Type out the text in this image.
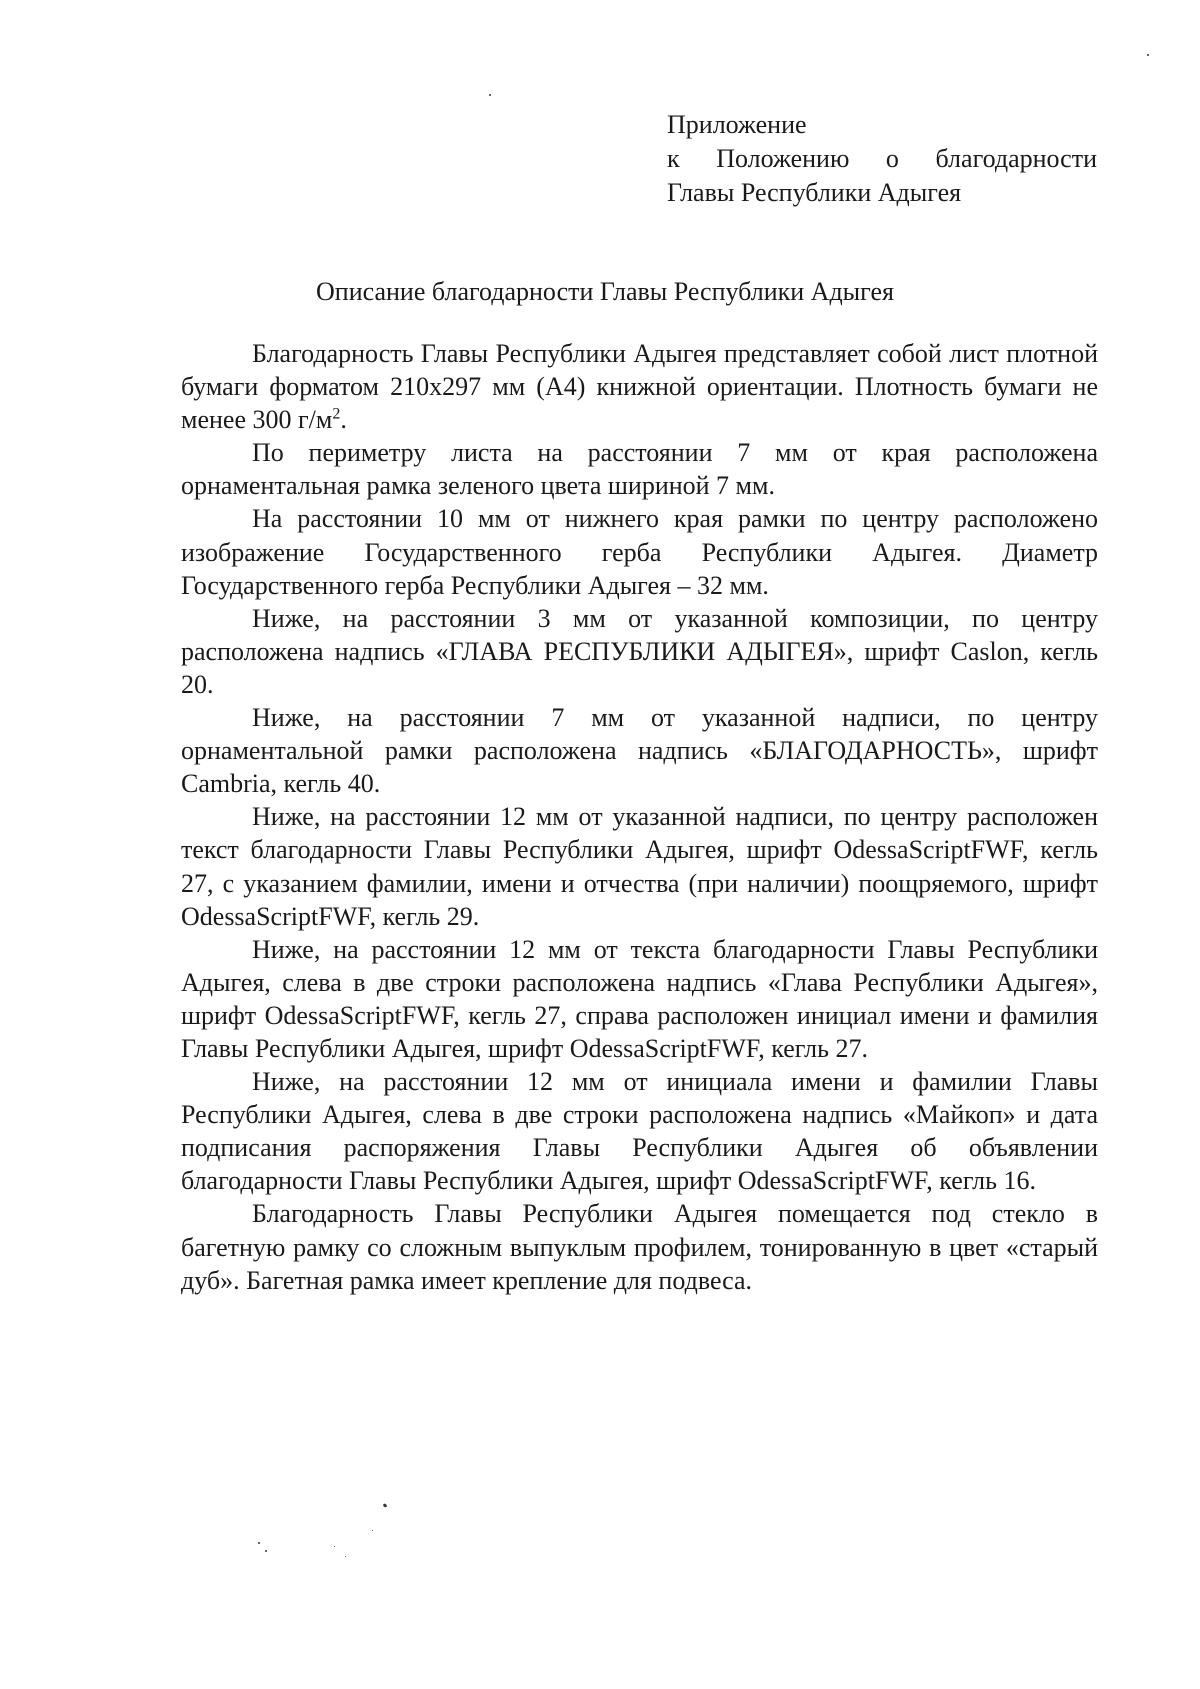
Приложение
к Положению о благодарности
Главы Республики Адыгея
Описание благодарности Главы Республики Адыгея

Благодарность Главы Республики Адыгея представляет собой лист плотной бумаги форматом 210x297 мм (А4) книжной ориентации. Плотность бумаги не менее 300 $г/м^2$.

По периметру листа на расстоянии 7 мм от края расположена орнаментальная рамка зеленого цвета шириной 7 мм.

На расстоянии 10 мм от нижнего края рамки по центру расположено изображение Государственного герба Республики Адыгея. Диаметр Государственного герба Республики Адыгея – 32 мм.

Ниже, на расстоянии 3 мм от указанной композиции, по центру расположена надпись «ГЛАВА РЕСПУБЛИКИ АДЫГЕЯ», шрифт Caslon, кегль 20.

Ниже, на расстоянии 7 мм от указанной надписи, по центру орнаментальной рамки расположена надпись «БЛАГОДАРНОСТЬ», шрифт Cambria, кегль 40.

Ниже, на расстоянии 12 мм от указанной надписи, по центру расположен текст благодарности Главы Республики Адыгея, шрифт OdessaScriptFWF, кегль 27, с указанием фамилии, имени и отчества (при наличии) поощряемого, шрифт OdessaScriptFWF, кегль 29.

Ниже, на расстоянии 12 мм от текста благодарности Главы Республики Адыгея, слева в две строки расположена надпись «Глава Республики Адыгея», шрифт OdessaScriptFWF, кегль 27, справа расположен инициал имени и фамилия Главы Республики Адыгея, шрифт OdessaScriptFWF, кегль 27.

Ниже, на расстоянии 12 мм от инициала имени и фамилии Главы Республики Адыгея, слева в две строки расположена надпись «Майкоп» и дата подписания распоряжения Главы Республики Адыгея об объявлении благодарности Главы Республики Адыгея, шрифт OdessaScriptFWF, кегль 16.

Благодарность Главы Республики Адыгея помещается под стекло в багетную рамку со сложным выпуклым профилем, тонированную в цвет «старый дуб». Багетная рамка имеет крепление для подвеса.
